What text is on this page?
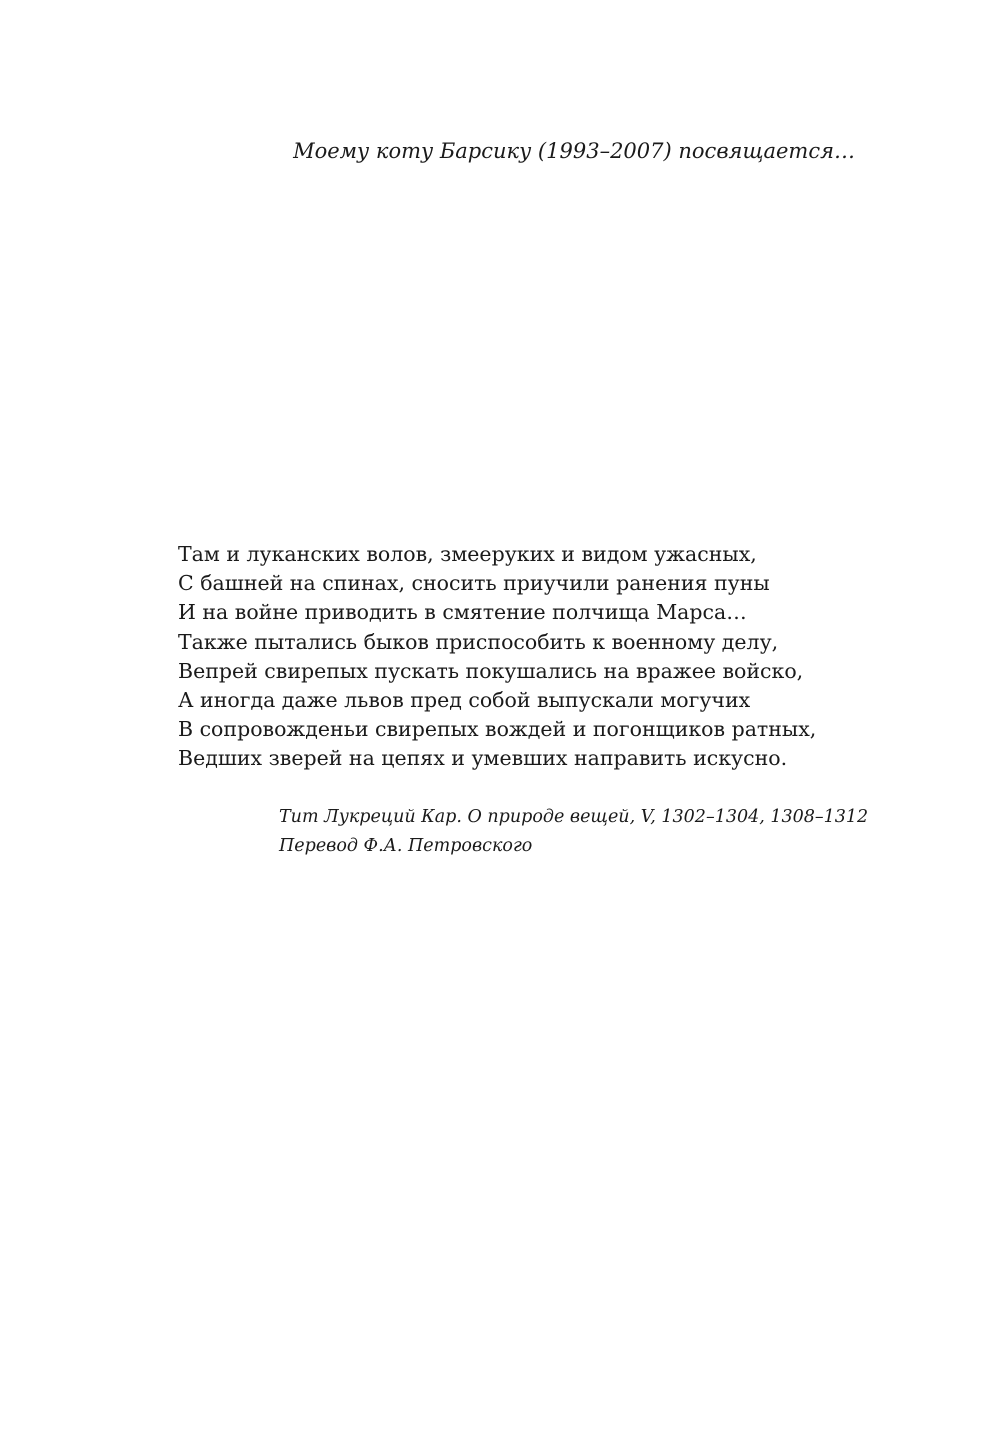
Моему коту Барсику (1993–2007) посвящается…
Там и луканских волов, змееруких и видом ужасных,
С башней на спинах, сносить приучили ранения пуны
И на войне приводить в смятение полчища Марса…
Также пытались быков приспособить к военному делу,
Вепрей свирепых пускать покушались на вражее войско,
А иногда даже львов пред собой выпускали могучих
В сопровожденьи свирепых вождей и погонщиков ратных,
Ведших зверей на цепях и умевших направить искусно.
Тит Лукреций Кар. О природе вещей, V, 1302–1304, 1308–1312
Перевод Ф.А. Петровского
